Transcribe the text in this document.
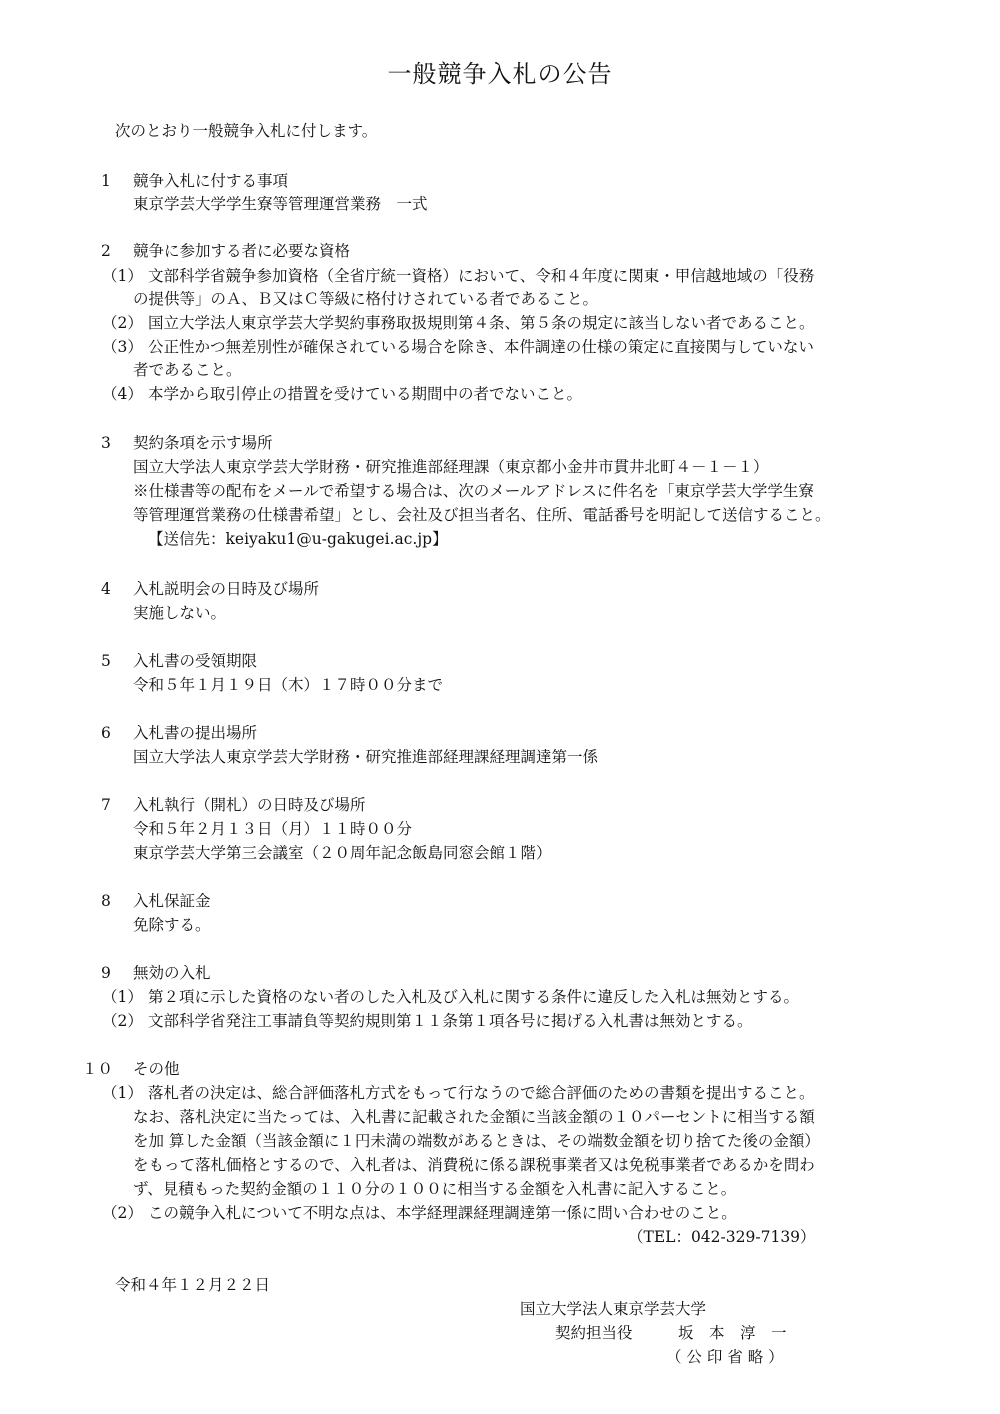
一般競争入札の公告
次のとおり一般競争入札に付します。
1 競争入札に付する事項
東京学芸大学学生寮等管理運営業務　一式
2 競争に参加する者に必要な資格
（1） 文部科学省競争参加資格（全省庁統一資格）において、令和４年度に関東・甲信越地域の「役務
の提供等」のＡ、Ｂ又はＣ等級に格付けされている者であること。
（2） 国立大学法人東京学芸大学契約事務取扱規則第４条、第５条の規定に該当しない者であること。
（3） 公正性かつ無差別性が確保されている場合を除き、本件調達の仕様の策定に直接関与していない
者であること。
（4） 本学から取引停止の措置を受けている期間中の者でないこと。
3 契約条項を示す場所
国立大学法人東京学芸大学財務・研究推進部経理課（東京都小金井市貫井北町４－１－１）
※仕様書等の配布をメールで希望する場合は、次のメールアドレスに件名を「東京学芸大学学生寮
等管理運営業務の仕様書希望」とし、会社及び担当者名、住所、電話番号を明記して送信すること。
【送信先：keiyaku1@u-gakugei.ac.jp】
4 入札説明会の日時及び場所
実施しない。
5 入札書の受領期限
令和５年１月１９日（木）１７時００分まで
6 入札書の提出場所
国立大学法人東京学芸大学財務・研究推進部経理課経理調達第一係
7 入札執行（開札）の日時及び場所
令和５年２月１３日（月）１１時００分
東京学芸大学第三会議室（２０周年記念飯島同窓会館１階）
8 入札保証金
免除する。
9 無効の入札
（1） 第２項に示した資格のない者のした入札及び入札に関する条件に違反した入札は無効とする。
（2） 文部科学省発注工事請負等契約規則第１１条第１項各号に掲げる入札書は無効とする。
１０ その他
（1） 落札者の決定は、総合評価落札方式をもって行なうので総合評価のための書類を提出すること。
なお、落札決定に当たっては、入札書に記載された金額に当該金額の１０パーセントに相当する額
を加 算した金額（当該金額に１円未満の端数があるときは、その端数金額を切り捨てた後の金額）
をもって落札価格とするので、入札者は、消費税に係る課税事業者又は免税事業者であるかを問わ
ず、見積もった契約金額の１１０分の１００に相当する金額を入札書に記入すること。
（2） この競争入札について不明な点は、本学経理課経理調達第一係に問い合わせのこと。
（TEL：042-329-7139）
令和４年１２月２２日
国立大学法人東京学芸大学
契約担当役	坂　本　淳　一
（ 公 印 省 略 ）
